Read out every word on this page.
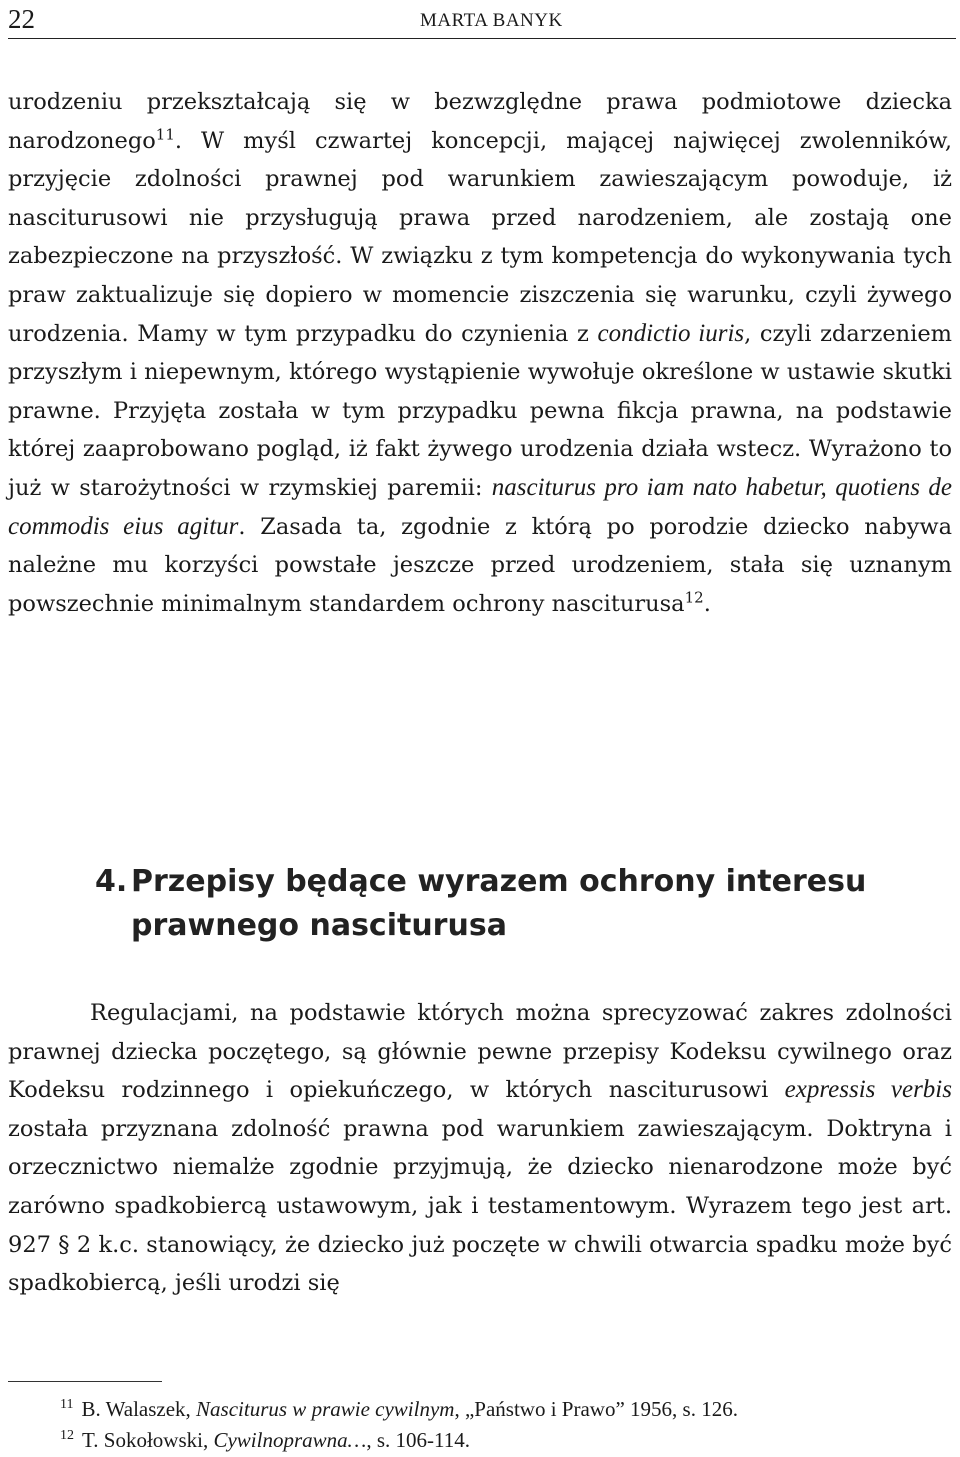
22	MARTA BANYK

urodzeniu przekształcają się w bezwzględne prawa podmiotowe dziecka narodzonego$^{11}$. W myśl czwartej koncepcji, mającej najwięcej zwolenników, przyjęcie zdolności prawnej pod warunkiem zawieszającym powoduje, iż nasciturusowi nie przysługują prawa przed narodzeniem, ale zostają one zabezpieczone na przyszłość. W związku z tym kompetencja do wykonywania tych praw zaktualizuje się dopiero w momencie ziszczenia się warunku, czyli żywego urodzenia. Mamy w tym przypadku do czynienia z condictio iuris, czyli zdarzeniem przyszłym i niepewnym, którego wystąpienie wywołuje określone w ustawie skutki prawne. Przyjęta została w tym przypadku pewna fikcja prawna, na podstawie której zaaprobowano pogląd, iż fakt żywego urodzenia działa wstecz. Wyrażono to już w starożytności w rzymskiej paremii: nasciturus pro iam nato habetur, quotiens de commodis eius agitur. Zasada ta, zgodnie z którą po porodzie dziecko nabywa należne mu korzyści powstałe jeszcze przed urodzeniem, stała się uznanym powszechnie minimalnym standardem ochrony nasciturusa$^{12}$.

4. Przepisy będące wyrazem ochrony interesu
prawnego nasciturusa

Regulacjami, na podstawie których można sprecyzować zakres zdolności prawnej dziecka poczętego, są głównie pewne przepisy Kodeksu cywilnego oraz Kodeksu rodzinnego i opiekuńczego, w których nasciturusowi expressis verbis została przyznana zdolność prawna pod warunkiem zawieszającym. Doktryna i orzecznictwo niemalże zgodnie przyjmują, że dziecko nienarodzone może być zarówno spadkobiercą ustawowym, jak i testamentowym. Wyrazem tego jest art. 927 § 2 k.c. stanowiący, że dziecko już poczęte w chwili otwarcia spadku może być spadkobiercą, jeśli urodzi się

$^{11}$ B. Walaszek, Nasciturus w prawie cywilnym, „Państwo i Prawo” 1956, s. 126.
$^{12}$ T. Sokołowski, Cywilnoprawna…, s. 106-114.
